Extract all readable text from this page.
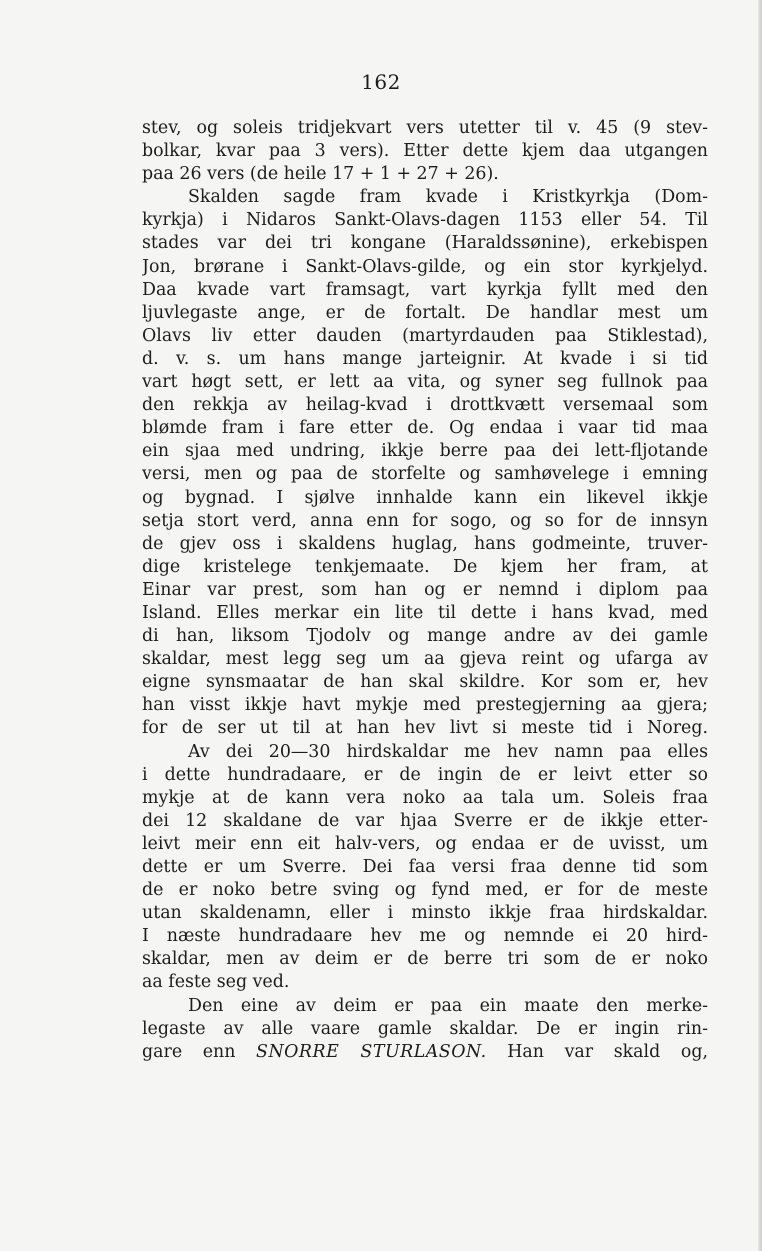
162
stev, og soleis tridjekvart vers utetter til v. 45 (9 stev-
bolkar, kvar paa 3 vers). Etter dette kjem daa utgangen
paa 26 vers (de heile 17 + 1 + 27 + 26).
Skalden sagde fram kvade i Kristkyrkja (Dom-
kyrkja) i Nidaros Sankt-Olavs-dagen 1153 eller 54. Til
stades var dei tri kongane (Haraldssønine), erkebispen
Jon, brørane i Sankt-Olavs-gilde, og ein stor kyrkjelyd.
Daa kvade vart framsagt, vart kyrkja fyllt med den
ljuvlegaste ange, er de fortalt. De handlar mest um
Olavs liv etter dauden (martyrdauden paa Stiklestad),
d. v. s. um hans mange jarteignir. At kvade i si tid
vart høgt sett, er lett aa vita, og syner seg fullnok paa
den rekkja av heilag-kvad i drottkvætt versemaal som
blømde fram i fare etter de. Og endaa i vaar tid maa
ein sjaa med undring, ikkje berre paa dei lett-fljotande
versi, men og paa de storfelte og samhøvelege i emning
og bygnad. I sjølve innhalde kann ein likevel ikkje
setja stort verd, anna enn for sogo, og so for de innsyn
de gjev oss i skaldens huglag, hans godmeinte, truver-
dige kristelege tenkjemaate. De kjem her fram, at
Einar var prest, som han og er nemnd i diplom paa
Island. Elles merkar ein lite til dette i hans kvad, med
di han, liksom Tjodolv og mange andre av dei gamle
skaldar, mest legg seg um aa gjeva reint og ufarga av
eigne synsmaatar de han skal skildre. Kor som er, hev
han visst ikkje havt mykje med prestegjerning aa gjera;
for de ser ut til at han hev livt si meste tid i Noreg.
Av dei 20—30 hirdskaldar me hev namn paa elles
i dette hundradaare, er de ingin de er leivt etter so
mykje at de kann vera noko aa tala um. Soleis fraa
dei 12 skaldane de var hjaa Sverre er de ikkje etter-
leivt meir enn eit halv-vers, og endaa er de uvisst, um
dette er um Sverre. Dei faa versi fraa denne tid som
de er noko betre sving og fynd med, er for de meste
utan skaldenamn, eller i minsto ikkje fraa hirdskaldar.
I næste hundradaare hev me og nemnde ei 20 hird-
skaldar, men av deim er de berre tri som de er noko
aa feste seg ved.
Den eine av deim er paa ein maate den merke-
legaste av alle vaare gamle skaldar. De er ingin rin-
gare enn SNORRE STURLASON. Han var skald og,
